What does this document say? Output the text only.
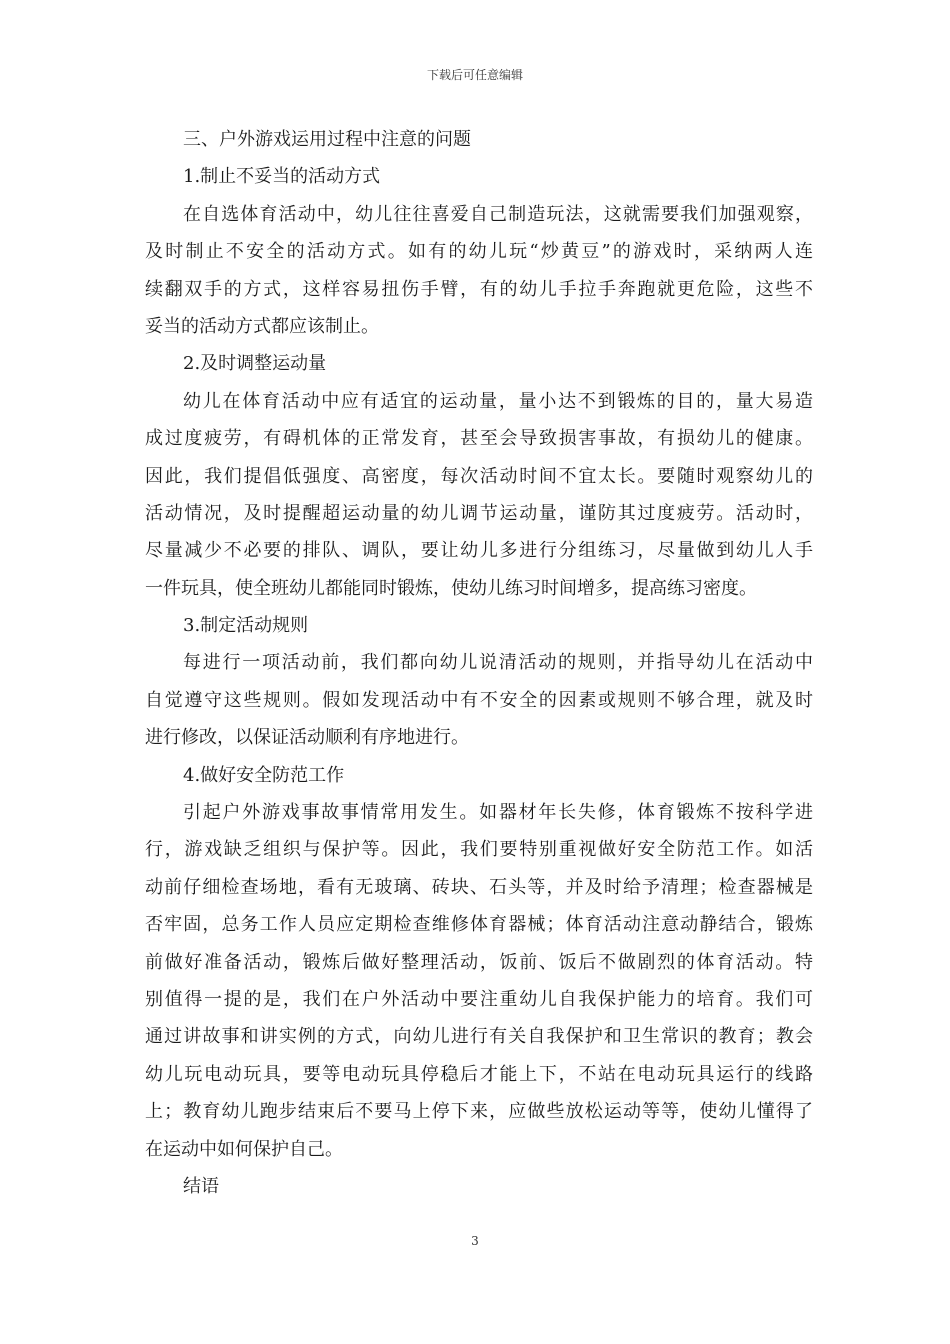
下载后可任意编辑
三、户外游戏运用过程中注意的问题
1.制止不妥当的活动方式
在自选体育活动中，幼儿往往喜爱自己制造玩法，这就需要我们加强观察，
及时制止不安全的活动方式。如有的幼儿玩“炒黄豆”的游戏时，采纳两人连
续翻双手的方式，这样容易扭伤手臂，有的幼儿手拉手奔跑就更危险，这些不
妥当的活动方式都应该制止。
2.及时调整运动量
幼儿在体育活动中应有适宜的运动量，量小达不到锻炼的目的，量大易造
成过度疲劳，有碍机体的正常发育，甚至会导致损害事故，有损幼儿的健康。
因此，我们提倡低强度、高密度，每次活动时间不宜太长。要随时观察幼儿的
活动情况，及时提醒超运动量的幼儿调节运动量，谨防其过度疲劳。活动时，
尽量减少不必要的排队、调队，要让幼儿多进行分组练习，尽量做到幼儿人手
一件玩具，使全班幼儿都能同时锻炼，使幼儿练习时间增多，提高练习密度。
3.制定活动规则
每进行一项活动前，我们都向幼儿说清活动的规则，并指导幼儿在活动中
自觉遵守这些规则。假如发现活动中有不安全的因素或规则不够合理，就及时
进行修改，以保证活动顺利有序地进行。
4.做好安全防范工作
引起户外游戏事故事情常用发生。如器材年长失修，体育锻炼不按科学进
行，游戏缺乏组织与保护等。因此，我们要特别重视做好安全防范工作。如活
动前仔细检查场地，看有无玻璃、砖块、石头等，并及时给予清理；检查器械是
否牢固，总务工作人员应定期检查维修体育器械；体育活动注意动静结合，锻炼
前做好准备活动，锻炼后做好整理活动，饭前、饭后不做剧烈的体育活动。特
别值得一提的是，我们在户外活动中要注重幼儿自我保护能力的培育。我们可
通过讲故事和讲实例的方式，向幼儿进行有关自我保护和卫生常识的教育；教会
幼儿玩电动玩具，要等电动玩具停稳后才能上下，不站在电动玩具运行的线路
上；教育幼儿跑步结束后不要马上停下来，应做些放松运动等等，使幼儿懂得了
在运动中如何保护自己。
结语
3
